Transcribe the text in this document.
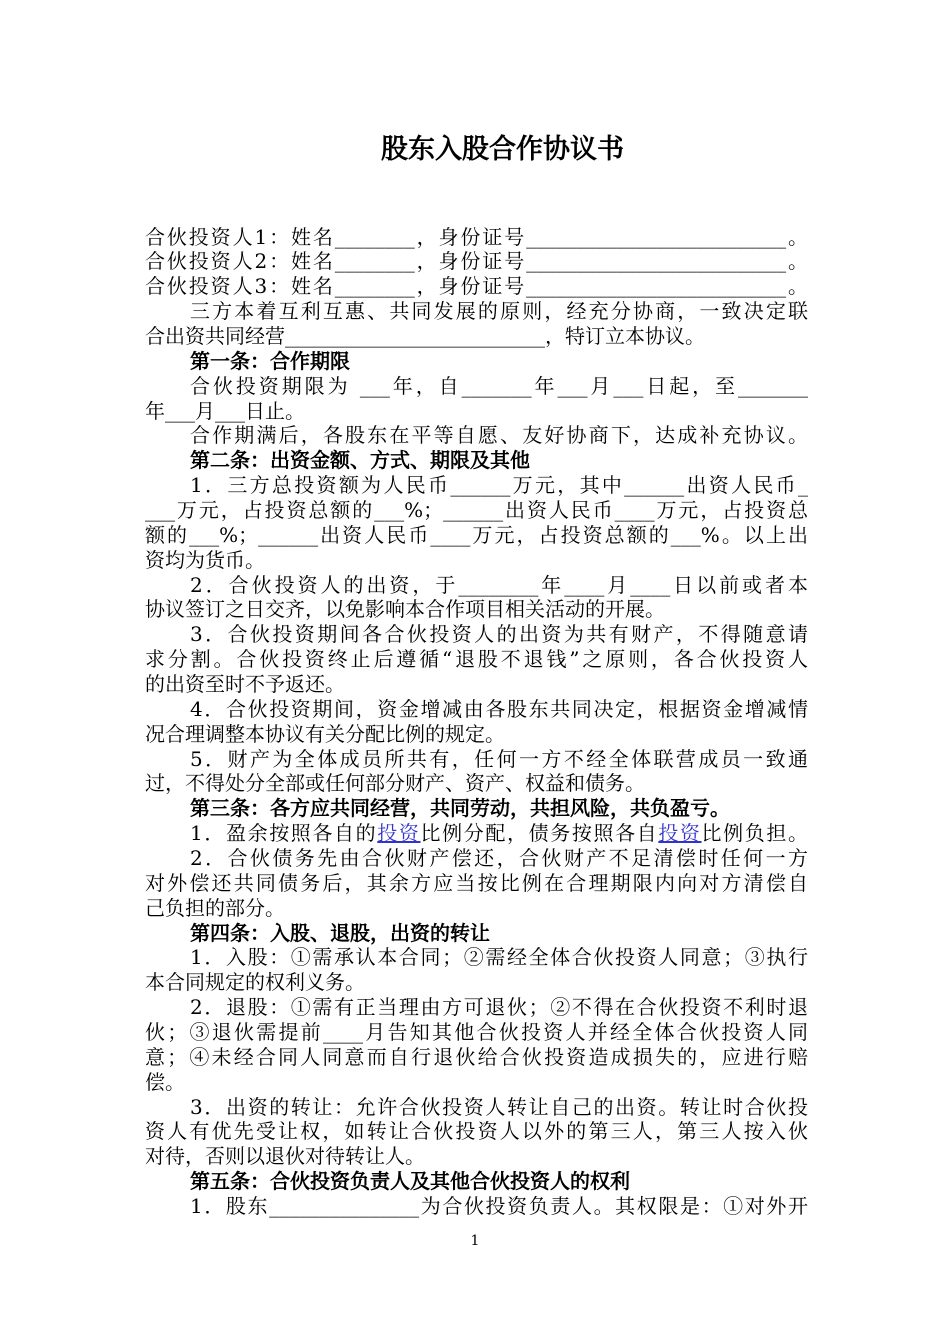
股东入股合作协议书
合伙投资人1：姓名________，身份证号__________________________。
合伙投资人2：姓名________，身份证号__________________________。
合伙投资人3：姓名________，身份证号__________________________。
三方本着互利互惠、共同发展的原则，经充分协商，一致决定联
合出资共同经营__________________________，特订立本协议。
第一条：合作期限
合伙投资期限为 ___年，自_______年___月___日起，至_______
年___月___日止。
合作期满后，各股东在平等自愿、友好协商下，达成补充协议。
第二条：出资金额、方式、期限及其他
1．三方总投资额为人民币______万元，其中______出资人民币_
___万元，占投资总额的___%；______出资人民币____万元，占投资总
额的___%；______出资人民币____万元，占投资总额的___%。以上出
资均为货币。
2．合伙投资人的出资，于________年____月____日以前或者本
协议签订之日交齐，以免影响本合作项目相关活动的开展。
3．合伙投资期间各合伙投资人的出资为共有财产，不得随意请
求分割。合伙投资终止后遵循“退股不退钱”之原则，各合伙投资人
的出资至时不予返还。
4．合伙投资期间，资金增减由各股东共同决定，根据资金增减情
况合理调整本协议有关分配比例的规定。
5．财产为全体成员所共有，任何一方不经全体联营成员一致通
过，不得处分全部或任何部分财产、资产、权益和债务。
第三条：各方应共同经营，共同劳动，共担风险，共负盈亏。
1．盈余按照各自的投资比例分配，债务按照各自投资比例负担。
2．合伙债务先由合伙财产偿还，合伙财产不足清偿时任何一方
对外偿还共同债务后，其余方应当按比例在合理期限内向对方清偿自
己负担的部分。
第四条：入股、退股，出资的转让
1．入股：①需承认本合同；②需经全体合伙投资人同意；③执行
本合同规定的权利义务。
2．退股：①需有正当理由方可退伙；②不得在合伙投资不利时退
伙；③退伙需提前____月告知其他合伙投资人并经全体合伙投资人同
意；④未经合同人同意而自行退伙给合伙投资造成损失的，应进行赔
偿。
3．出资的转让：允许合伙投资人转让自己的出资。转让时合伙投
资人有优先受让权，如转让合伙投资人以外的第三人，第三人按入伙
对待，否则以退伙对待转让人。
第五条：合伙投资负责人及其他合伙投资人的权利
1．股东_______________为合伙投资负责人。其权限是：①对外开
1
